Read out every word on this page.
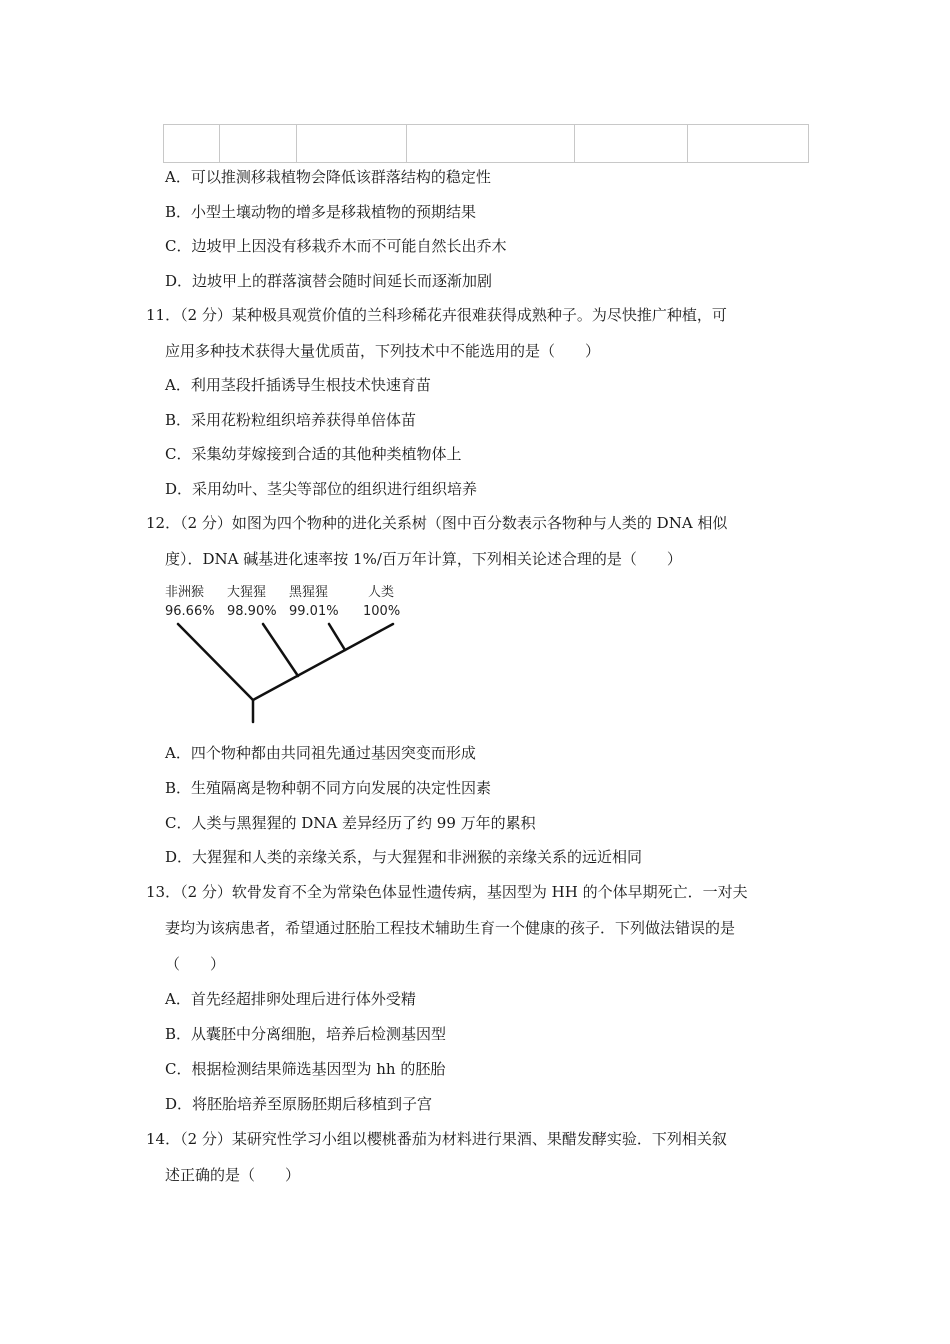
A．可以推测移栽植物会降低该群落结构的稳定性
B．小型土壤动物的增多是移栽植物的预期结果
C．边坡甲上因没有移栽乔木而不可能自然长出乔木
D．边坡甲上的群落演替会随时间延长而逐渐加剧
11．（2 分）某种极具观赏价值的兰科珍稀花卉很难获得成熟种子。为尽快推广种植，可
应用多种技术获得大量优质苗，下列技术中不能选用的是（　　）
A．利用茎段扦插诱导生根技术快速育苗
B．采用花粉粒组织培养获得单倍体苗
C．采集幼芽嫁接到合适的其他种类植物体上
D．采用幼叶、茎尖等部位的组织进行组织培养
12．（2 分）如图为四个物种的进化关系树（图中百分数表示各物种与人类的 DNA 相似
度）．DNA 碱基进化速率按 1%/百万年计算，下列相关论述合理的是（　　）
非洲猴
96.66%
大猩猩
98.90%
黑猩猩
99.01%
人类
100%
A．四个物种都由共同祖先通过基因突变而形成
B．生殖隔离是物种朝不同方向发展的决定性因素
C．人类与黑猩猩的 DNA 差异经历了约 99 万年的累积
D．大猩猩和人类的亲缘关系，与大猩猩和非洲猴的亲缘关系的远近相同
13．（2 分）软骨发育不全为常染色体显性遗传病，基因型为 HH 的个体早期死亡．一对夫
妻均为该病患者，希望通过胚胎工程技术辅助生育一个健康的孩子．下列做法错误的是
（　　）
A．首先经超排卵处理后进行体外受精
B．从囊胚中分离细胞，培养后检测基因型
C．根据检测结果筛选基因型为 hh 的胚胎
D．将胚胎培养至原肠胚期后移植到子宫
14．（2 分）某研究性学习小组以樱桃番茄为材料进行果酒、果醋发酵实验．下列相关叙
述正确的是（　　）
